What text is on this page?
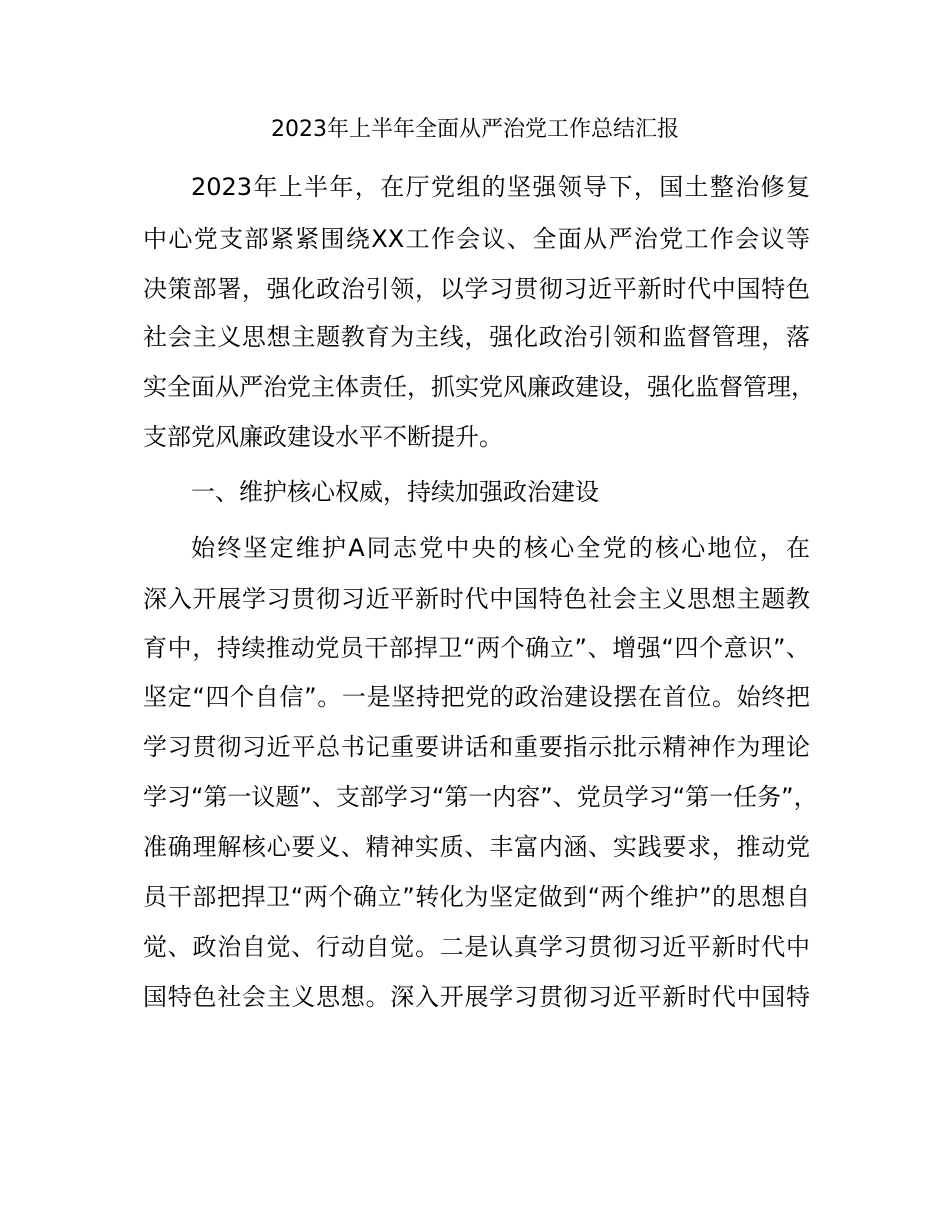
2023年上半年全面从严治党工作总结汇报
2023年上半年，在厅党组的坚强领导下，国土整治修复
中心党支部紧紧围绕XX工作会议、全面从严治党工作会议等
决策部署，强化政治引领，以学习贯彻习近平新时代中国特色
社会主义思想主题教育为主线，强化政治引领和监督管理，落
实全面从严治党主体责任，抓实党风廉政建设，强化监督管理，
支部党风廉政建设水平不断提升。
一、维护核心权威，持续加强政治建设
始终坚定维护A同志党中央的核心全党的核心地位，在
深入开展学习贯彻习近平新时代中国特色社会主义思想主题教
育中，持续推动党员干部捍卫“两个确立”、增强“四个意识”、
坚定“四个自信”。一是坚持把党的政治建设摆在首位。始终把
学习贯彻习近平总书记重要讲话和重要指示批示精神作为理论
学习“第一议题”、支部学习“第一内容”、党员学习“第一任务”，
准确理解核心要义、精神实质、丰富内涵、实践要求，推动党
员干部把捍卫“两个确立”转化为坚定做到“两个维护”的思想自
觉、政治自觉、行动自觉。二是认真学习贯彻习近平新时代中
国特色社会主义思想。深入开展学习贯彻习近平新时代中国特
